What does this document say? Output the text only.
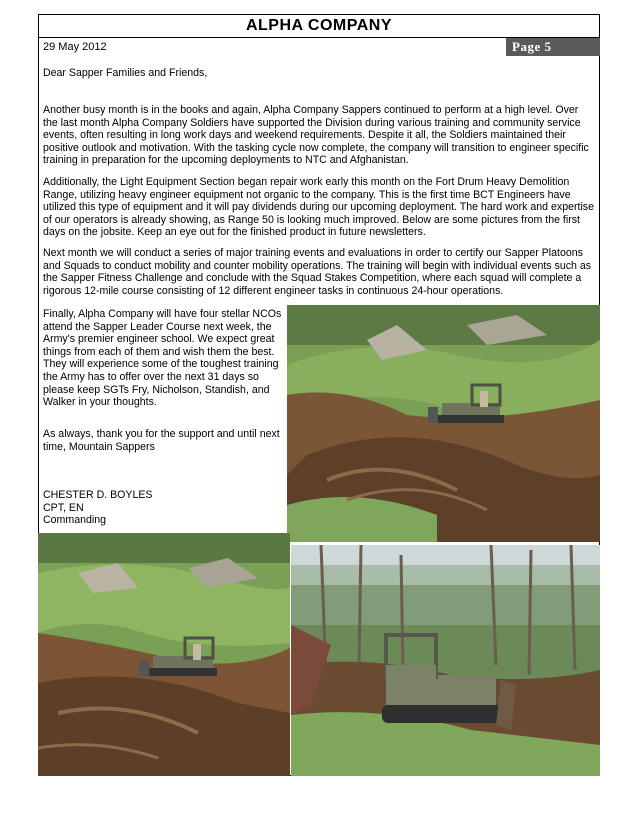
ALPHA COMPANY
29 May 2012	Page 5
Dear Sapper Families and Friends,
Another busy month is in the books and again, Alpha Company Sappers continued to perform at a high level. Over the last month Alpha Company Soldiers have supported the Division during various training and community service events, often resulting in long work days and weekend requirements. Despite it all, the Soldiers maintained their positive outlook and motivation. With the tasking cycle now complete, the company will transition to engineer specific training in preparation for the upcoming deployments to NTC and Afghanistan.
Additionally, the Light Equipment Section began repair work early this month on the Fort Drum Heavy Demolition Range, utilizing heavy engineer equipment not organic to the company. This is the first time BCT Engineers have utilized this type of equipment and it will pay dividends during our upcoming deployment. The hard work and expertise of our operators is already showing, as Range 50 is looking much improved. Below are some pictures from the first days on the jobsite. Keep an eye out for the finished product in future newsletters.
Next month we will conduct a series of major training events and evaluations in order to certify our Sapper Platoons and Squads to conduct mobility and counter mobility operations. The training will begin with individual events such as the Sapper Fitness Challenge and conclude with the Squad Stakes Competition, where each squad will complete a rigorous 12-mile course consisting of 12 different engineer tasks in continuous 24-hour operations.
Finally, Alpha Company will have four stellar NCOs attend the Sapper Leader Course next week, the Army's premier engineer school. We expect great things from each of them and wish them the best. They will experience some of the toughest training the Army has to offer over the next 31 days so please keep SGTs Fry, Nicholson, Standish, and Walker in your thoughts.
As always, thank you for the support and until next time, Mountain Sappers
CHESTER D. BOYLES
CPT, EN
Commanding
